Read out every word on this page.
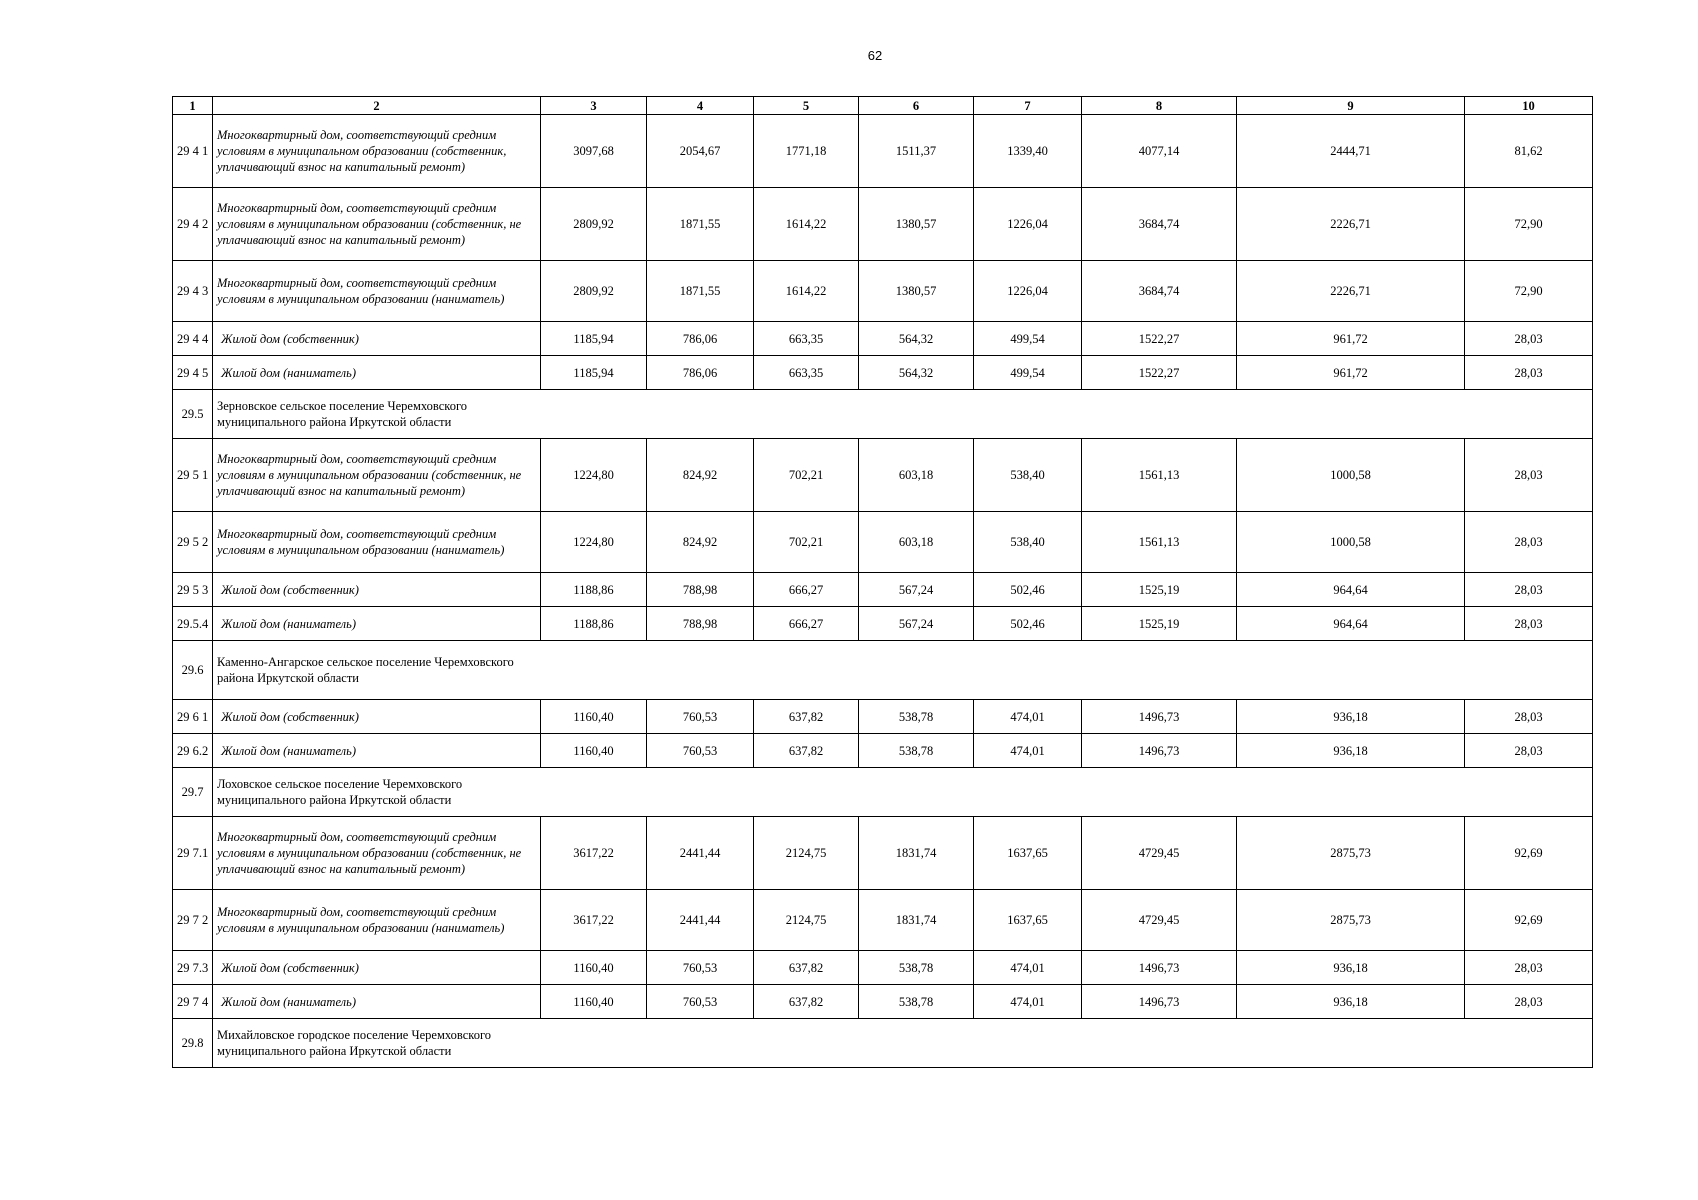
62
1	2	3	4	5	6	7	8	9	10
29 4 1	Многоквартирный дом, соответствующий средним условиям в муниципальном образовании (собственник, уплачивающий взнос на капитальный ремонт)	3097,68	2054,67	1771,18	1511,37	1339,40	4077,14	2444,71	81,62
29 4 2	Многоквартирный дом, соответствующий средним условиям в муниципальном образовании (собственник, не уплачивающий взнос на капитальный ремонт)	2809,92	1871,55	1614,22	1380,57	1226,04	3684,74	2226,71	72,90
29 4 3	Многоквартирный дом, соответствующий средним условиям в муниципальном образовании (наниматель)	2809,92	1871,55	1614,22	1380,57	1226,04	3684,74	2226,71	72,90
29 4 4	Жилой дом (собственник)	1185,94	786,06	663,35	564,32	499,54	1522,27	961,72	28,03
29 4 5	Жилой дом (наниматель)	1185,94	786,06	663,35	564,32	499,54	1522,27	961,72	28,03
29.5	Зерновское сельское поселение Черемховского муниципального района Иркутской области								

29 5 1	Многоквартирный дом, соответствующий средним условиям в муниципальном образовании (собственник, не уплачивающий взнос на капитальный ремонт)	1224,80	824,92	702,21	603,18	538,40	1561,13	1000,58	28,03
29 5 2	Многоквартирный дом, соответствующий средним условиям в муниципальном образовании (наниматель)	1224,80	824,92	702,21	603,18	538,40	1561,13	1000,58	28,03
29 5 3	Жилой дом (собственник)	1188,86	788,98	666,27	567,24	502,46	1525,19	964,64	28,03
29.5.4	Жилой дом (наниматель)	1188,86	788,98	666,27	567,24	502,46	1525,19	964,64	28,03
29.6	Каменно-Ангарское сельское поселение Черемховского района Иркутской области								

29 6 1	Жилой дом (собственник)	1160,40	760,53	637,82	538,78	474,01	1496,73	936,18	28,03
29 6.2	Жилой дом (наниматель)	1160,40	760,53	637,82	538,78	474,01	1496,73	936,18	28,03
29.7	Лоховское сельское поселение Черемховского муниципального района Иркутской области								

29 7.1	Многоквартирный дом, соответствующий средним условиям в муниципальном образовании (собственник, не уплачивающий взнос на капитальный ремонт)	3617,22	2441,44	2124,75	1831,74	1637,65	4729,45	2875,73	92,69
29 7 2	Многоквартирный дом, соответствующий средним условиям в муниципальном образовании (наниматель)	3617,22	2441,44	2124,75	1831,74	1637,65	4729,45	2875,73	92,69
29 7.3	Жилой дом (собственник)	1160,40	760,53	637,82	538,78	474,01	1496,73	936,18	28,03
29 7 4	Жилой дом (наниматель)	1160,40	760,53	637,82	538,78	474,01	1496,73	936,18	28,03
29.8	Михайловское городское поселение Черемховского муниципального района Иркутской области								
